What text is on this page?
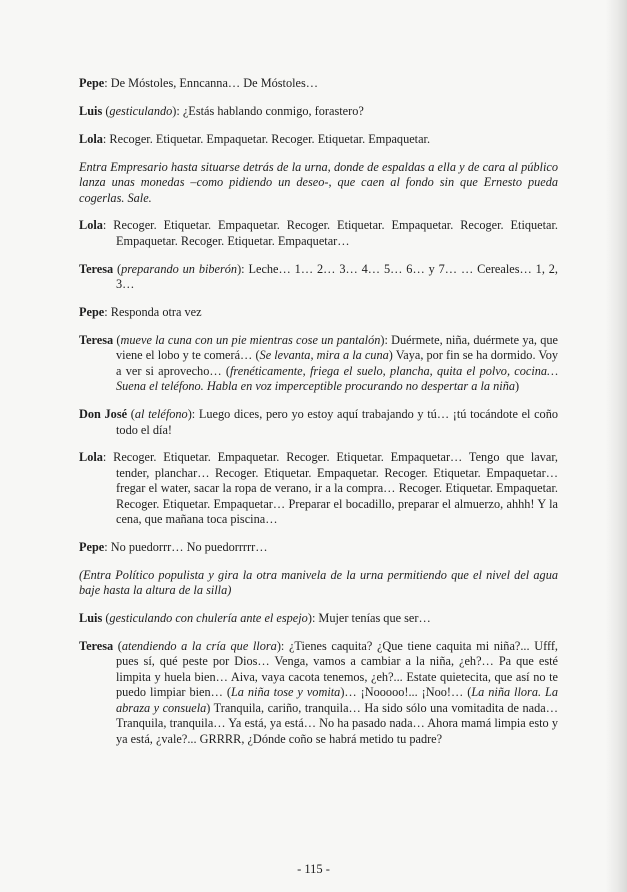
Pepe: De Móstoles, Enncanna… De Móstoles…

Luis (gesticulando): ¿Estás hablando conmigo, forastero?

Lola: Recoger. Etiquetar. Empaquetar. Recoger. Etiquetar. Empaquetar.

Entra Empresario hasta situarse detrás de la urna, donde de espaldas a ella y de cara al público lanza unas monedas –como pidiendo un deseo-, que caen al fondo sin que Ernesto pueda cogerlas. Sale.

Lola: Recoger. Etiquetar. Empaquetar. Recoger. Etiquetar. Empaquetar. Recoger. Etiquetar. Empaquetar. Recoger. Etiquetar. Empaquetar…

Teresa (preparando un biberón): Leche… 1… 2… 3… 4… 5… 6… y 7… … Cereales… 1, 2, 3…

Pepe: Responda otra vez

Teresa (mueve la cuna con un pie mientras cose un pantalón): Duérmete, niña, duérmete ya, que viene el lobo y te comerá… (Se levanta, mira a la cuna) Vaya, por fin se ha dormido. Voy a ver si aprovecho… (frenéticamente, friega el suelo, plancha, quita el polvo, cocina… Suena el teléfono. Habla en voz imperceptible procurando no despertar a la niña)

Don José (al teléfono): Luego dices, pero yo estoy aquí trabajando y tú… ¡tú tocándote el coño todo el día!

Lola: Recoger. Etiquetar. Empaquetar. Recoger. Etiquetar. Empaquetar… Tengo que lavar, tender, planchar… Recoger. Etiquetar. Empaquetar. Recoger. Etiquetar. Empaquetar… fregar el water, sacar la ropa de verano, ir a la compra… Recoger. Etiquetar. Empaquetar. Recoger. Etiquetar. Empaquetar… Preparar el bocadillo, preparar el almuerzo, ahhh! Y la cena, que mañana toca piscina…

Pepe: No puedorrr… No puedorrrrr…

(Entra Político populista y gira la otra manivela de la urna permitiendo que el nivel del agua baje hasta la altura de la silla)

Luis (gesticulando con chulería ante el espejo): Mujer tenías que ser…

Teresa (atendiendo a la cría que llora): ¿Tienes caquita? ¿Que tiene caquita mi niña?... Ufff, pues sí, qué peste por Dios… Venga, vamos a cambiar a la niña, ¿eh?… Pa que esté limpita y huela bien… Aiva, vaya cacota tenemos, ¿eh?... Estate quietecita, que así no te puedo limpiar bien… (La niña tose y vomita)… ¡Nooooo!... ¡Noo!… (La niña llora. La abraza y consuela) Tranquila, cariño, tranquila… Ha sido sólo una vomitadita de nada… Tranquila, tranquila… Ya está, ya está… No ha pasado nada… Ahora mamá limpia esto y ya está, ¿vale?... GRRRR, ¿Dónde coño se habrá metido tu padre?

- 115 -
